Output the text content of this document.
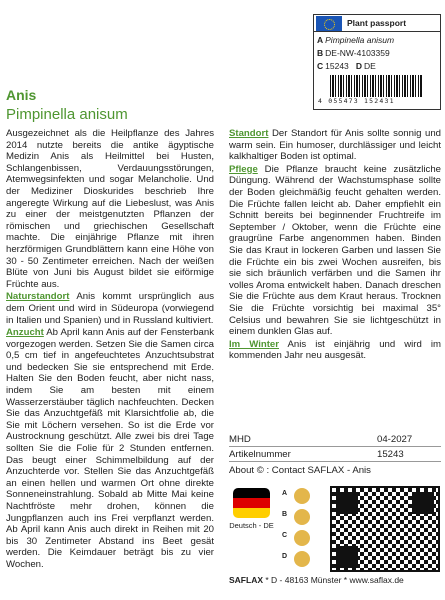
Plant passport
A Pimpinella anisum
B DE-NW-4103359
C 15243 D DE
4 055473 152431
Anis
Pimpinella anisum

Ausgezeichnet als die Heilpflanze des Jahres 2014 nutzte bereits die antike ägyptische Medizin Anis als Heilmittel bei Husten, Schlangenbissen, Verdauungsstörungen, Atemwegsinfekten und sogar Melancholie. Und der Mediziner Dioskurides beschrieb Ihre angeregte Wirkung auf die Liebeslust, was Anis zu einer der meistgenutzten Pflanzen der römischen und griechischen Gesellschaft machte. Die einjährige Pflanze mit ihren herzförmigen Grundblättern kann eine Höhe von 30 - 50 Zentimeter erreichen. Nach der weißen Blüte von Juni bis August bildet sie eiförmige Früchte aus.

Naturstandort Anis kommt ursprünglich aus dem Orient und wird in Südeuropa (vorwiegend in Italien und Spanien) und in Russland kultiviert.

Anzucht Ab April kann Anis auf der Fensterbank vorgezogen werden. Setzen Sie die Samen circa 0,5 cm tief in angefeuchtetes Anzuchtsubstrat und bedecken Sie sie entsprechend mit Erde. Halten Sie den Boden feucht, aber nicht nass, indem Sie am besten mit einem Wasserzerstäuber täglich nachfeuchten. Decken Sie das Anzuchtgefäß mit Klarsichtfolie ab, die Sie mit Löchern versehen. So ist die Erde vor Austrocknung geschützt. Alle zwei bis drei Tage sollten Sie die Folie für 2 Stunden entfernen. Das beugt einer Schimmelbildung auf der Anzuchterde vor. Stellen Sie das Anzuchtgefäß an einen hellen und warmen Ort ohne direkte Sonneneinstrahlung. Sobald ab Mitte Mai keine Nachtfröste mehr drohen, können die Jungpflanzen auch ins Frei verpflanzt werden. Ab April kann Anis auch direkt in Reihen mit 20 bis 30 Zentimeter Abstand ins Beet gesät werden. Die Keimdauer beträgt bis zu vier Wochen.

Standort Der Standort für Anis sollte sonnig und warm sein. Ein humoser, durchlässiger und leicht kalkhaltiger Boden ist optimal.

Pflege Die Pflanze braucht keine zusätzliche Düngung. Während der Wachstumsphase sollte der Boden gleichmäßig feucht gehalten werden. Die Früchte fallen leicht ab. Daher empfiehlt ein Schnitt bereits bei beginnender Fruchtreife im September / Oktober, wenn die Früchte eine graugrüne Farbe angenommen haben. Binden Sie das Kraut in lockeren Garben und lassen Sie die Früchte ein bis zwei Wochen ausreifen, bis sie sich bräunlich verfärben und die Samen ihr volles Aroma entwickelt haben. Danach dreschen Sie die Früchte aus dem Kraut heraus. Trocknen Sie die Früchte vorsichtig bei maximal 35° Celsius und bewahren Sie sie lichtgeschützt in einem dunklen Glas auf.

Im Winter Anis ist einjährig und wird im kommenden Jahr neu ausgesät.

MHD	04-2027
Artikelnummer	15243
About © : Contact SAFLAX - Anis
Deutsch - DE
A
B
C
D
SAFLAX * D - 48163 Münster * www.saflax.de
